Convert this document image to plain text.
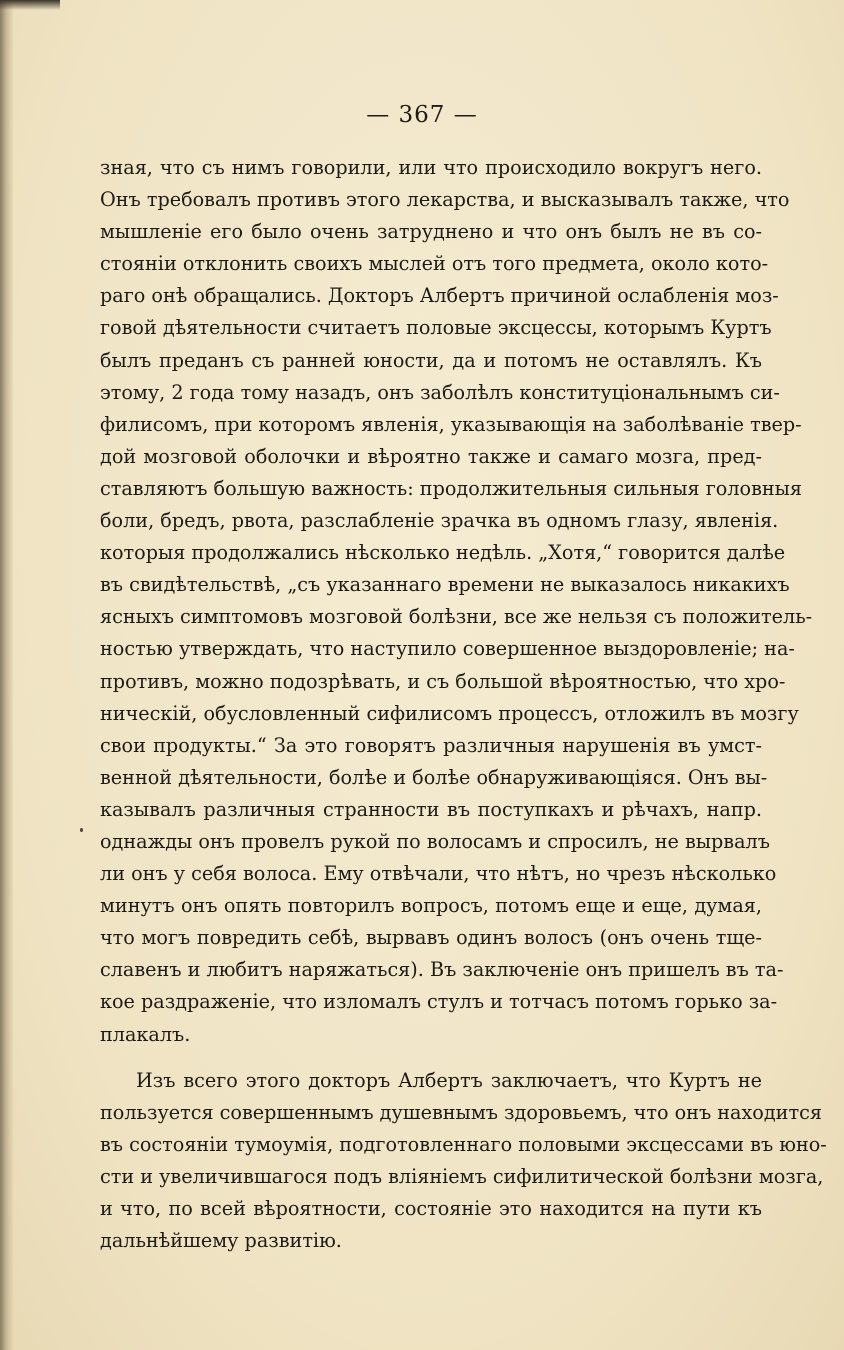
— 367 —
зная, что съ нимъ говорили, или что происходило вокругъ него.
Онъ требовалъ противъ этого лекарства, и высказывалъ также, что
мышленіе его было очень затруднено и что онъ былъ не въ со-
стояніи отклонить своихъ мыслей отъ того предмета, около кото-
раго онѣ обращались. Докторъ Албертъ причиной ослабленія моз-
говой дѣятельности считаетъ половые эксцессы, которымъ Куртъ
былъ преданъ съ ранней юности, да и потомъ не оставлялъ. Къ
этому, 2 года тому назадъ, онъ заболѣлъ конституціональнымъ си-
филисомъ, при которомъ явленія, указывающія на заболѣваніе твер-
дой мозговой оболочки и вѣроятно также и самаго мозга, пред-
ставляютъ большую важность: продолжительныя сильныя головныя
боли, бредъ, рвота, разслабленіе зрачка въ одномъ глазу, явленія.
которыя продолжались нѣсколько недѣль. „Хотя,“ говорится далѣе
въ свидѣтельствѣ, „съ указаннаго времени не выказалось никакихъ
ясныхъ симптомовъ мозговой болѣзни, все же нельзя съ положитель-
ностью утверждать, что наступило совершенное выздоровленіе; на-
противъ, можно подозрѣвать, и съ большой вѣроятностью, что хро-
ническій, обусловленный сифилисомъ процессъ, отложилъ въ мозгу
свои продукты.“ За это говорятъ различныя нарушенія въ умст-
венной дѣятельности, болѣе и болѣе обнаруживающіяся. Онъ вы-
казывалъ различныя странности въ поступкахъ и рѣчахъ, напр.
однажды онъ провелъ рукой по волосамъ и спросилъ, не вырвалъ
ли онъ у себя волоса. Ему отвѣчали, что нѣтъ, но чрезъ нѣсколько
минутъ онъ опять повторилъ вопросъ, потомъ еще и еще, думая,
что могъ повредить себѣ, вырвавъ одинъ волосъ (онъ очень тще-
славенъ и любитъ наряжаться). Въ заключеніе онъ пришелъ въ та-
кое раздраженіе, что изломалъ стулъ и тотчасъ потомъ горько за-
плакалъ.
Изъ всего этого докторъ Албертъ заключаетъ, что Куртъ не
пользуется совершеннымъ душевнымъ здоровьемъ, что онъ находится
въ состояніи тумоумія, подготовленнаго половыми эксцессами въ юно-
сти и увеличившагося подъ вліяніемъ сифилитической болѣзни мозга,
и что, по всей вѣроятности, состояніе это находится на пути къ
дальнѣйшему развитію.
